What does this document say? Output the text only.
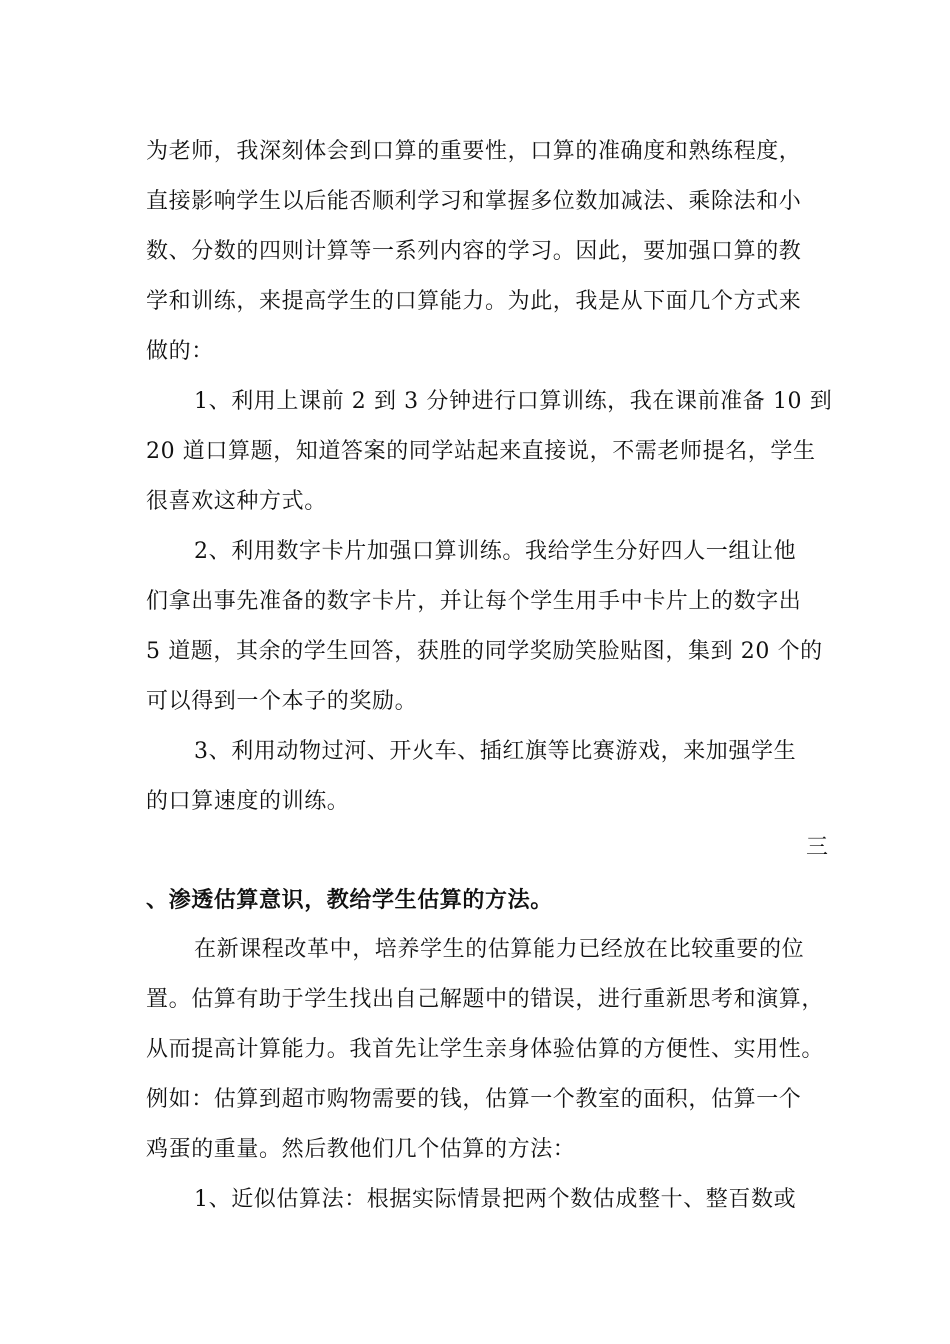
为老师，我深刻体会到口算的重要性，口算的准确度和熟练程度，
直接影响学生以后能否顺利学习和掌握多位数加减法、乘除法和小
数、分数的四则计算等一系列内容的学习。因此，要加强口算的教
学和训练，来提高学生的口算能力。为此，我是从下面几个方式来
做的：
1、利用上课前 2 到 3 分钟进行口算训练，我在课前准备 10 到
20 道口算题，知道答案的同学站起来直接说，不需老师提名，学生
很喜欢这种方式。
2、利用数字卡片加强口算训练。我给学生分好四人一组让他
们拿出事先准备的数字卡片，并让每个学生用手中卡片上的数字出
5 道题，其余的学生回答，获胜的同学奖励笑脸贴图，集到 20 个的
可以得到一个本子的奖励。
3、利用动物过河、开火车、插红旗等比赛游戏，来加强学生
的口算速度的训练。
三
、渗透估算意识，教给学生估算的方法。
在新课程改革中，培养学生的估算能力已经放在比较重要的位
置。估算有助于学生找出自己解题中的错误，进行重新思考和演算，
从而提高计算能力。我首先让学生亲身体验估算的方便性、实用性。
例如：估算到超市购物需要的钱，估算一个教室的面积，估算一个
鸡蛋的重量。然后教他们几个估算的方法：
1、近似估算法：根据实际情景把两个数估成整十、整百数或
